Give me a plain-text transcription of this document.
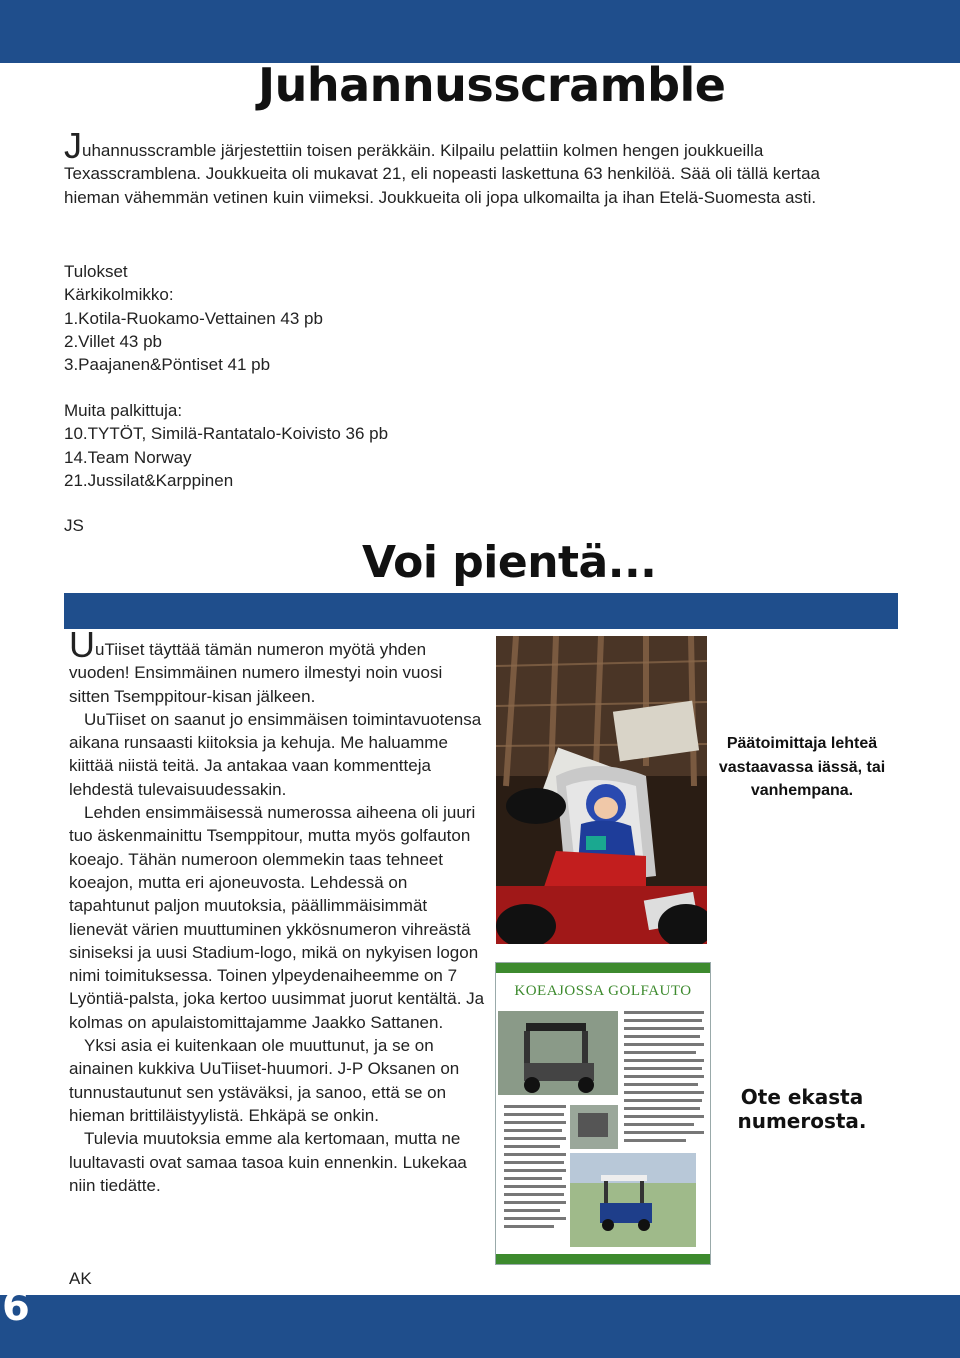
Juhannusscramble
Juhannusscramble järjestettiin toisen peräkkäin. Kilpailu pelattiin kolmen hengen joukkueilla Texasscramblena. Joukkueita oli mukavat 21, eli nopeasti laskettuna 63 henkilöä. Sää oli tällä kertaa hieman vähemmän vetinen kuin viimeksi. Joukkueita oli jopa ulkomailta ja ihan Etelä-Suomesta asti.
Tulokset
Kärkikolmikko:
1.Kotila-Ruokamo-Vettainen 43 pb
2.Villet 43 pb
3.Paajanen&Pöntiset 41 pb
Muita palkittuja:
10.TYTÖT, Similä-Rantatalo-Koivisto 36 pb
14.Team Norway
21.Jussilat&Karppinen
JS
Voi pientä...

UuTiiset täyttää tämän numeron myötä yhden vuoden! Ensimmäinen numero ilmestyi noin vuosi sitten Tsemppitour-kisan jälkeen.

UuTiiset on saanut jo ensimmäisen toimintavuotensa aikana runsaasti kiitoksia ja kehuja. Me haluamme kiittää niistä teitä. Ja antakaa vaan kommentteja lehdestä tulevaisuudessakin.

Lehden ensimmäisessä numerossa aiheena oli juuri tuo äskenmainittu Tsemppitour, mutta myös golfauton koeajo. Tähän numeroon olemmekin taas tehneet koeajon, mutta eri ajoneuvosta. Lehdessä on tapahtunut paljon muutoksia, päällimmäisimmät lienevät värien muuttuminen ykkösnumeron vihreästä siniseksi ja uusi Stadium-logo, mikä on nykyisen logon nimi toimituksessa. Toinen ylpeydenaiheemme on 7 Lyöntiä-palsta, joka kertoo uusimmat juorut kentältä. Ja kolmas on apulaistomittajamme Jaakko Sattanen.

Yksi asia ei kuitenkaan ole muuttunut, ja se on ainainen kukkiva UuTiiset-huumori. J-P Oksanen on tunnustautunut sen ystäväksi, ja sanoo, että se on hieman brittiläistyylistä. Ehkäpä se onkin.

Tulevia muutoksia emme ala kertomaan, mutta ne luultavasti ovat samaa tasoa kuin ennenkin. Lukekaa niin tiedätte.

AK
Päätoimittaja lehteä vastaavassa iässä, tai vanhempana.
KOEAJOSSA GOLFAUTO
Ote ekasta numerosta.
6
